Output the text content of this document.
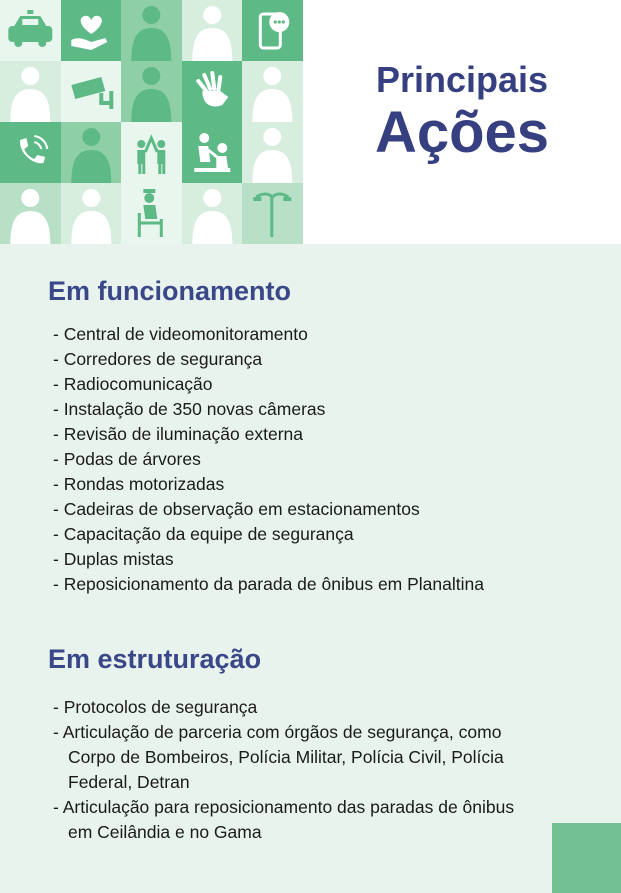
Principais
Ações
Em funcionamento
- Central de videomonitoramento
- Corredores de segurança
- Radiocomunicação
- Instalação de 350 novas câmeras
- Revisão de iluminação externa
- Podas de árvores
- Rondas motorizadas
- Cadeiras de observação em estacionamentos
- Capacitação da equipe de segurança
- Duplas mistas
- Reposicionamento da parada de ônibus em Planaltina
Em estruturação
- Protocolos de segurança
- Articulação de parceria com órgãos de segurança, como Corpo de Bombeiros, Polícia Militar, Polícia Civil, Polícia Federal, Detran
- Articulação para reposicionamento das paradas de ônibus em Ceilândia e no Gama
